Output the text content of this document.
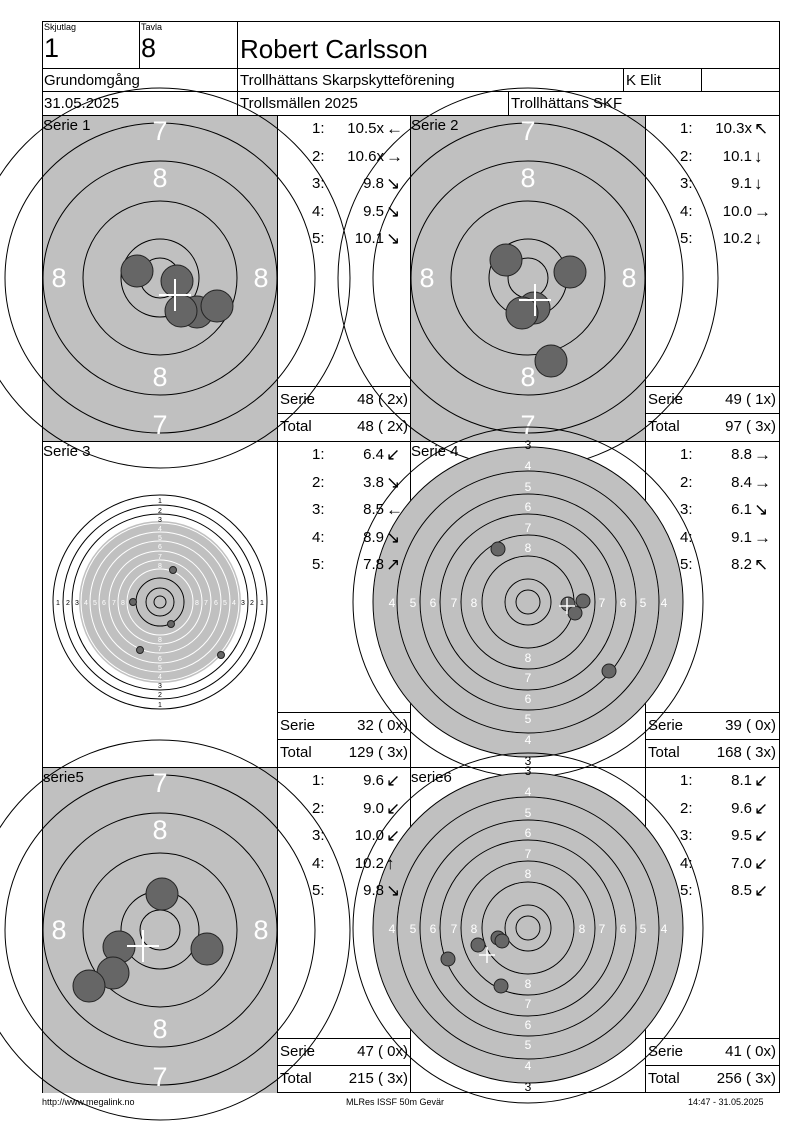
Skjutlag
1
Tavla
8	Robert Carlsson
Grundomgång	Trollhättans Skarpskytteförening	K Elit
31.05.2025	Trollsmällen 2025	Trollhättans SKF
7
8
8	8
8
7
Serie 1	7
8
8	8
8
7
Serie 2
1
1
1	1
2
2
2	2
3
3
3	3
4
4
4	4
5
5
5	5
6
6
6	6
7
7
7	7
8
8
8	8
Serie 3	3
3
4
4
4	4
5
5
5	5
6
6
6	6
7
7
7	7
8
8
8
Serie 4
7
8
8	8
8
7
serie5	3
3
4
4
4	4
5
5
5	5
6
6
6	6
7
7
7	7
8
8
8	8
serie6
1:	10.5x ←
2:	10.6x →
3:	9.8 ↘
4:	9.5 ↘
5:	10.1 ↘
Serie	48 ( 2x)
Total	48 ( 2x)
1:	10.3x ↖
2:	10.1 ↓
3:	9.1 ↓
4:	10.0 →
5:	10.2 ↓
Serie	49 ( 1x)
Total	97 ( 3x)
1:	6.4 ↙
2:	3.8 ↘
3:	8.5 ←
4:	8.9 ↘
5:	7.8 ↗
Serie	32 ( 0x)
Total	129 ( 3x)
1:	8.8 →
2:	8.4 →
3:	6.1 ↘
4:	9.1 →
5:	8.2 ↖
Serie	39 ( 0x)
Total	168 ( 3x)
1:	9.6 ↙
2:	9.0 ↙
3:	10.0 ↙
4:	10.2 ↑
5:	9.8 ↘
Serie	47 ( 0x)
Total	215 ( 3x)
1:	8.1 ↙
2:	9.6 ↙
3:	9.5 ↙
4:	7.0 ↙
5:	8.5 ↙
Serie	41 ( 0x)
Total	256 ( 3x)
http://www.megalink.no	MLRes ISSF 50m Gevär	14:47 - 31.05.2025
